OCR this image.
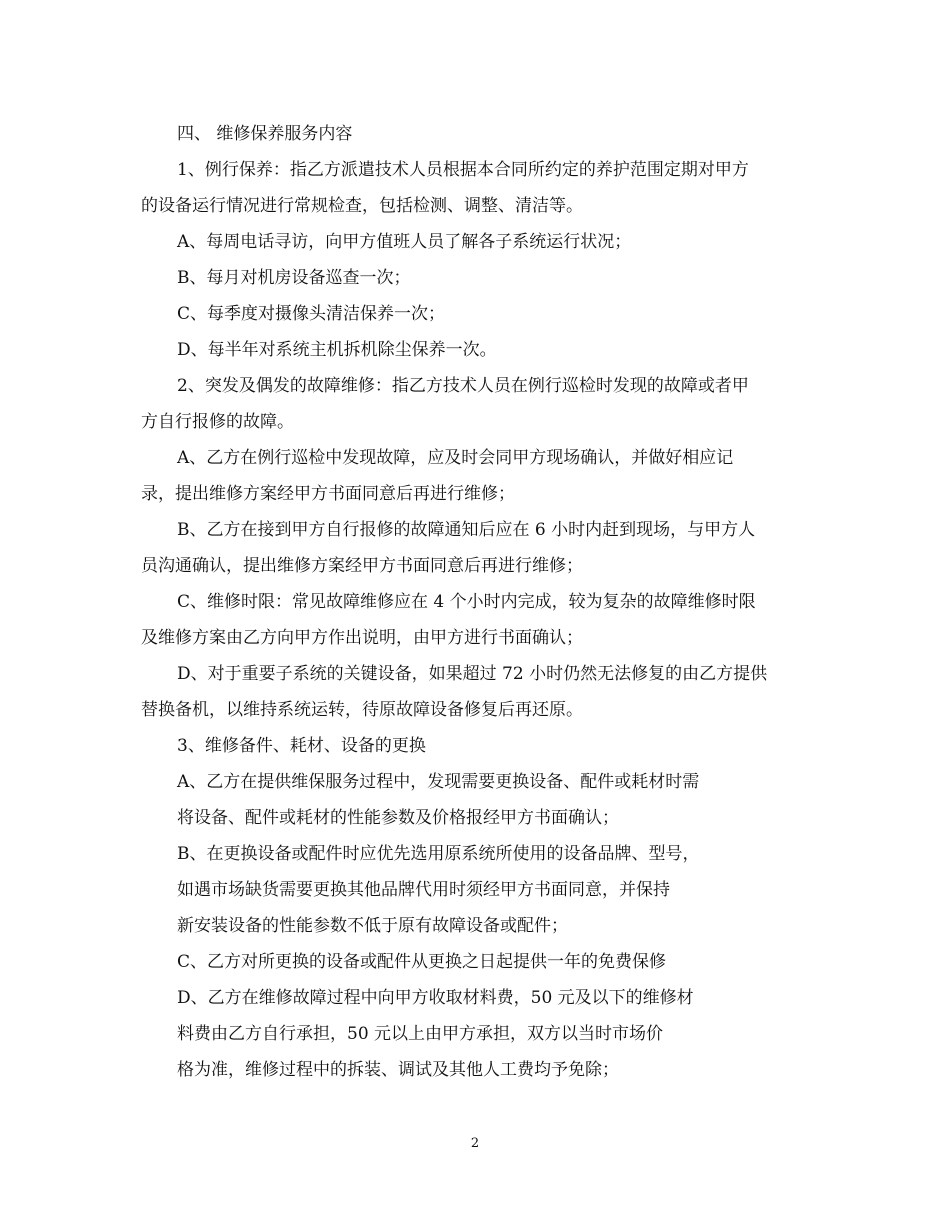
四、 维修保养服务内容
1、例行保养：指乙方派遣技术人员根据本合同所约定的养护范围定期对甲方
的设备运行情况进行常规检查，包括检测、调整、清洁等。
A、每周电话寻访，向甲方值班人员了解各子系统运行状况；
B、每月对机房设备巡查一次；
C、每季度对摄像头清洁保养一次；
D、每半年对系统主机拆机除尘保养一次。
2、突发及偶发的故障维修：指乙方技术人员在例行巡检时发现的故障或者甲
方自行报修的故障。
A、乙方在例行巡检中发现故障，应及时会同甲方现场确认，并做好相应记
录，提出维修方案经甲方书面同意后再进行维修；
B、乙方在接到甲方自行报修的故障通知后应在 6 小时内赶到现场，与甲方人
员沟通确认，提出维修方案经甲方书面同意后再进行维修；
C、维修时限：常见故障维修应在 4 个小时内完成，较为复杂的故障维修时限
及维修方案由乙方向甲方作出说明，由甲方进行书面确认；
D、对于重要子系统的关键设备，如果超过 72 小时仍然无法修复的由乙方提供
替换备机，以维持系统运转，待原故障设备修复后再还原。
3、维修备件、耗材、设备的更换
A、乙方在提供维保服务过程中，发现需要更换设备、配件或耗材时需
将设备、配件或耗材的性能参数及价格报经甲方书面确认；
B、在更换设备或配件时应优先选用原系统所使用的设备品牌、型号，
如遇市场缺货需要更换其他品牌代用时须经甲方书面同意，并保持
新安装设备的性能参数不低于原有故障设备或配件；
C、乙方对所更换的设备或配件从更换之日起提供一年的免费保修
D、乙方在维修故障过程中向甲方收取材料费，50 元及以下的维修材
料费由乙方自行承担，50 元以上由甲方承担，双方以当时市场价
格为准，维修过程中的拆装、调试及其他人工费均予免除；
2
